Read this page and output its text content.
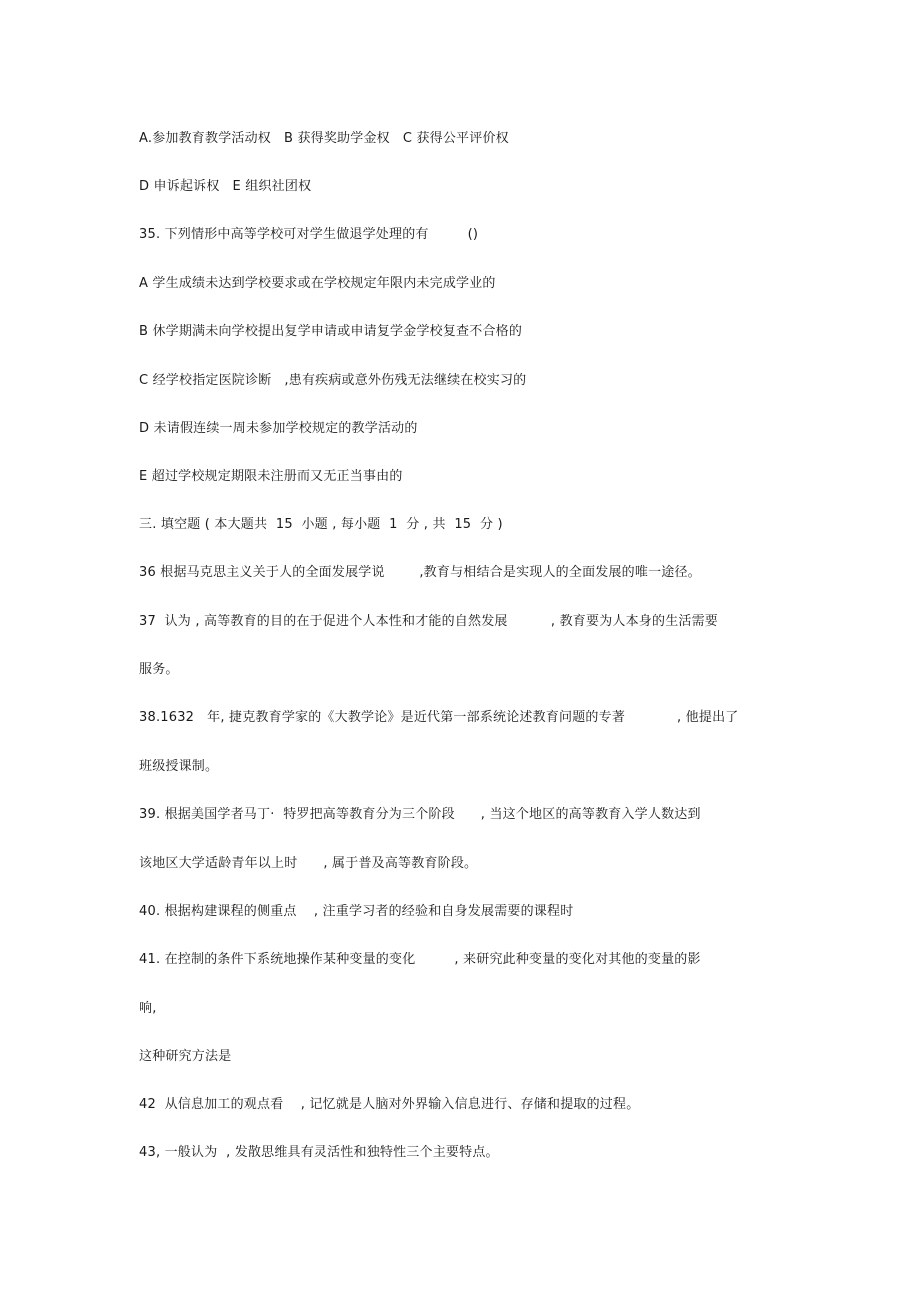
A.参加教育教学活动权   B 获得奖助学金权   C 获得公平评价权
D 申诉起诉权   E 组织社团权
35. 下列情形中高等学校可对学生做退学处理的有         ()
A 学生成绩未达到学校要求或在学校规定年限内未完成学业的
B 休学期满未向学校提出复学申请或申请复学金学校复查不合格的
C 经学校指定医院诊断   ,患有疾病或意外伤残无法继续在校实习的
D 未请假连续一周未参加学校规定的教学活动的
E 超过学校规定期限未注册而又无正当事由的
三. 填空题 ( 本大题共  15  小题 , 每小题  1  分 , 共  15  分 )
36 根据马克思主义关于人的全面发展学说        ,教育与相结合是实现人的全面发展的唯一途径。
37  认为 , 高等教育的目的在于促进个人本性和才能的自然发展          , 教育要为人本身的生活需要
服务。
38.1632   年, 捷克教育学家的《大教学论》是近代第一部系统论述教育问题的专著            , 他提出了
班级授课制。
39. 根据美国学者马丁·  特罗把高等教育分为三个阶段      , 当这个地区的高等教育入学人数达到
该地区大学适龄青年以上时      , 属于普及高等教育阶段。
40. 根据构建课程的侧重点    , 注重学习者的经验和自身发展需要的课程时
41. 在控制的条件下系统地操作某种变量的变化         , 来研究此种变量的变化对其他的变量的影
响,
这种研究方法是
42  从信息加工的观点看    , 记忆就是人脑对外界输入信息进行、存储和提取的过程。
43, 一般认为  , 发散思维具有灵活性和独特性三个主要特点。
